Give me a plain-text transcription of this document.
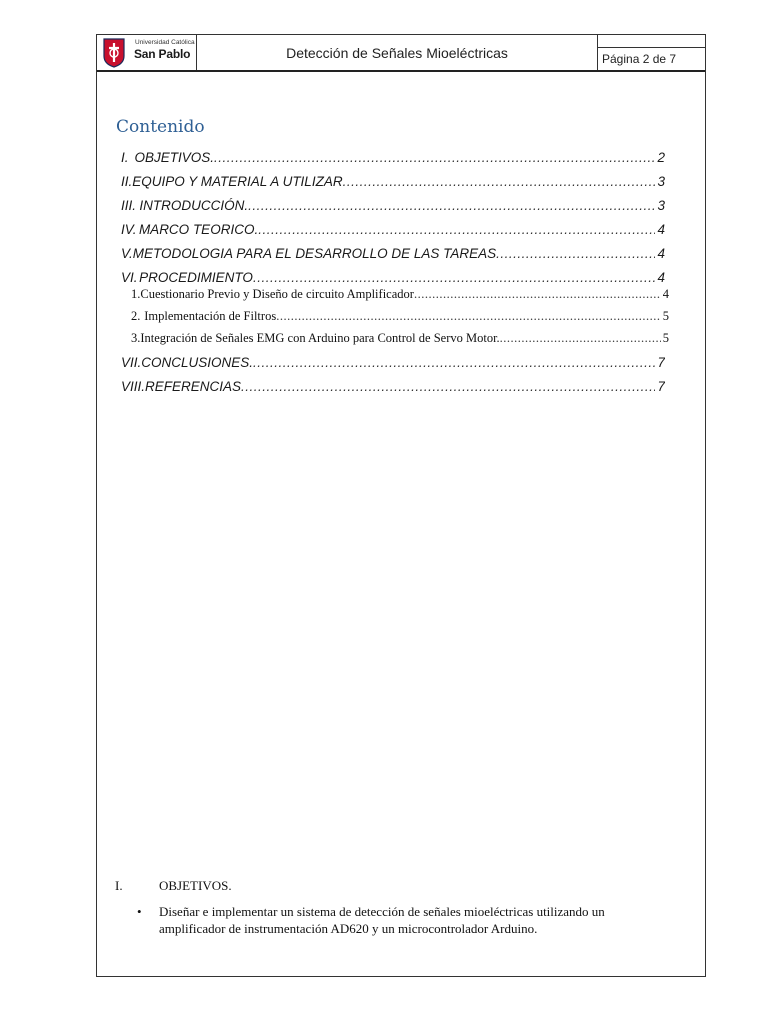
Universidad Católica
San Pablo	Detección de Señales Mioeléctricas	Página 2 de 7
Contenido
I. OBJETIVOS. .....	2
II. EQUIPO Y MATERIAL A UTILIZAR .....	3
III. INTRODUCCIÓN. .....	3
IV. MARCO TEORICO. .....	4
V. METODOLOGIA PARA EL DESARROLLO DE LAS TAREAS .....	4
VI. PROCEDIMIENTO .....	4
1. Cuestionario Previo y Diseño de circuito Amplificador .....	4
2. Implementación de Filtros .....	5
3. Integración de Señales EMG con Arduino para Control de Servo Motor. .....	5
VII. CONCLUSIONES. .....	7
VIII. REFERENCIAS .....	7
I.	OBJETIVOS.
• Diseñar e implementar un sistema de detección de señales mioeléctricas utilizando un amplificador de instrumentación AD620 y un microcontrolador Arduino.
